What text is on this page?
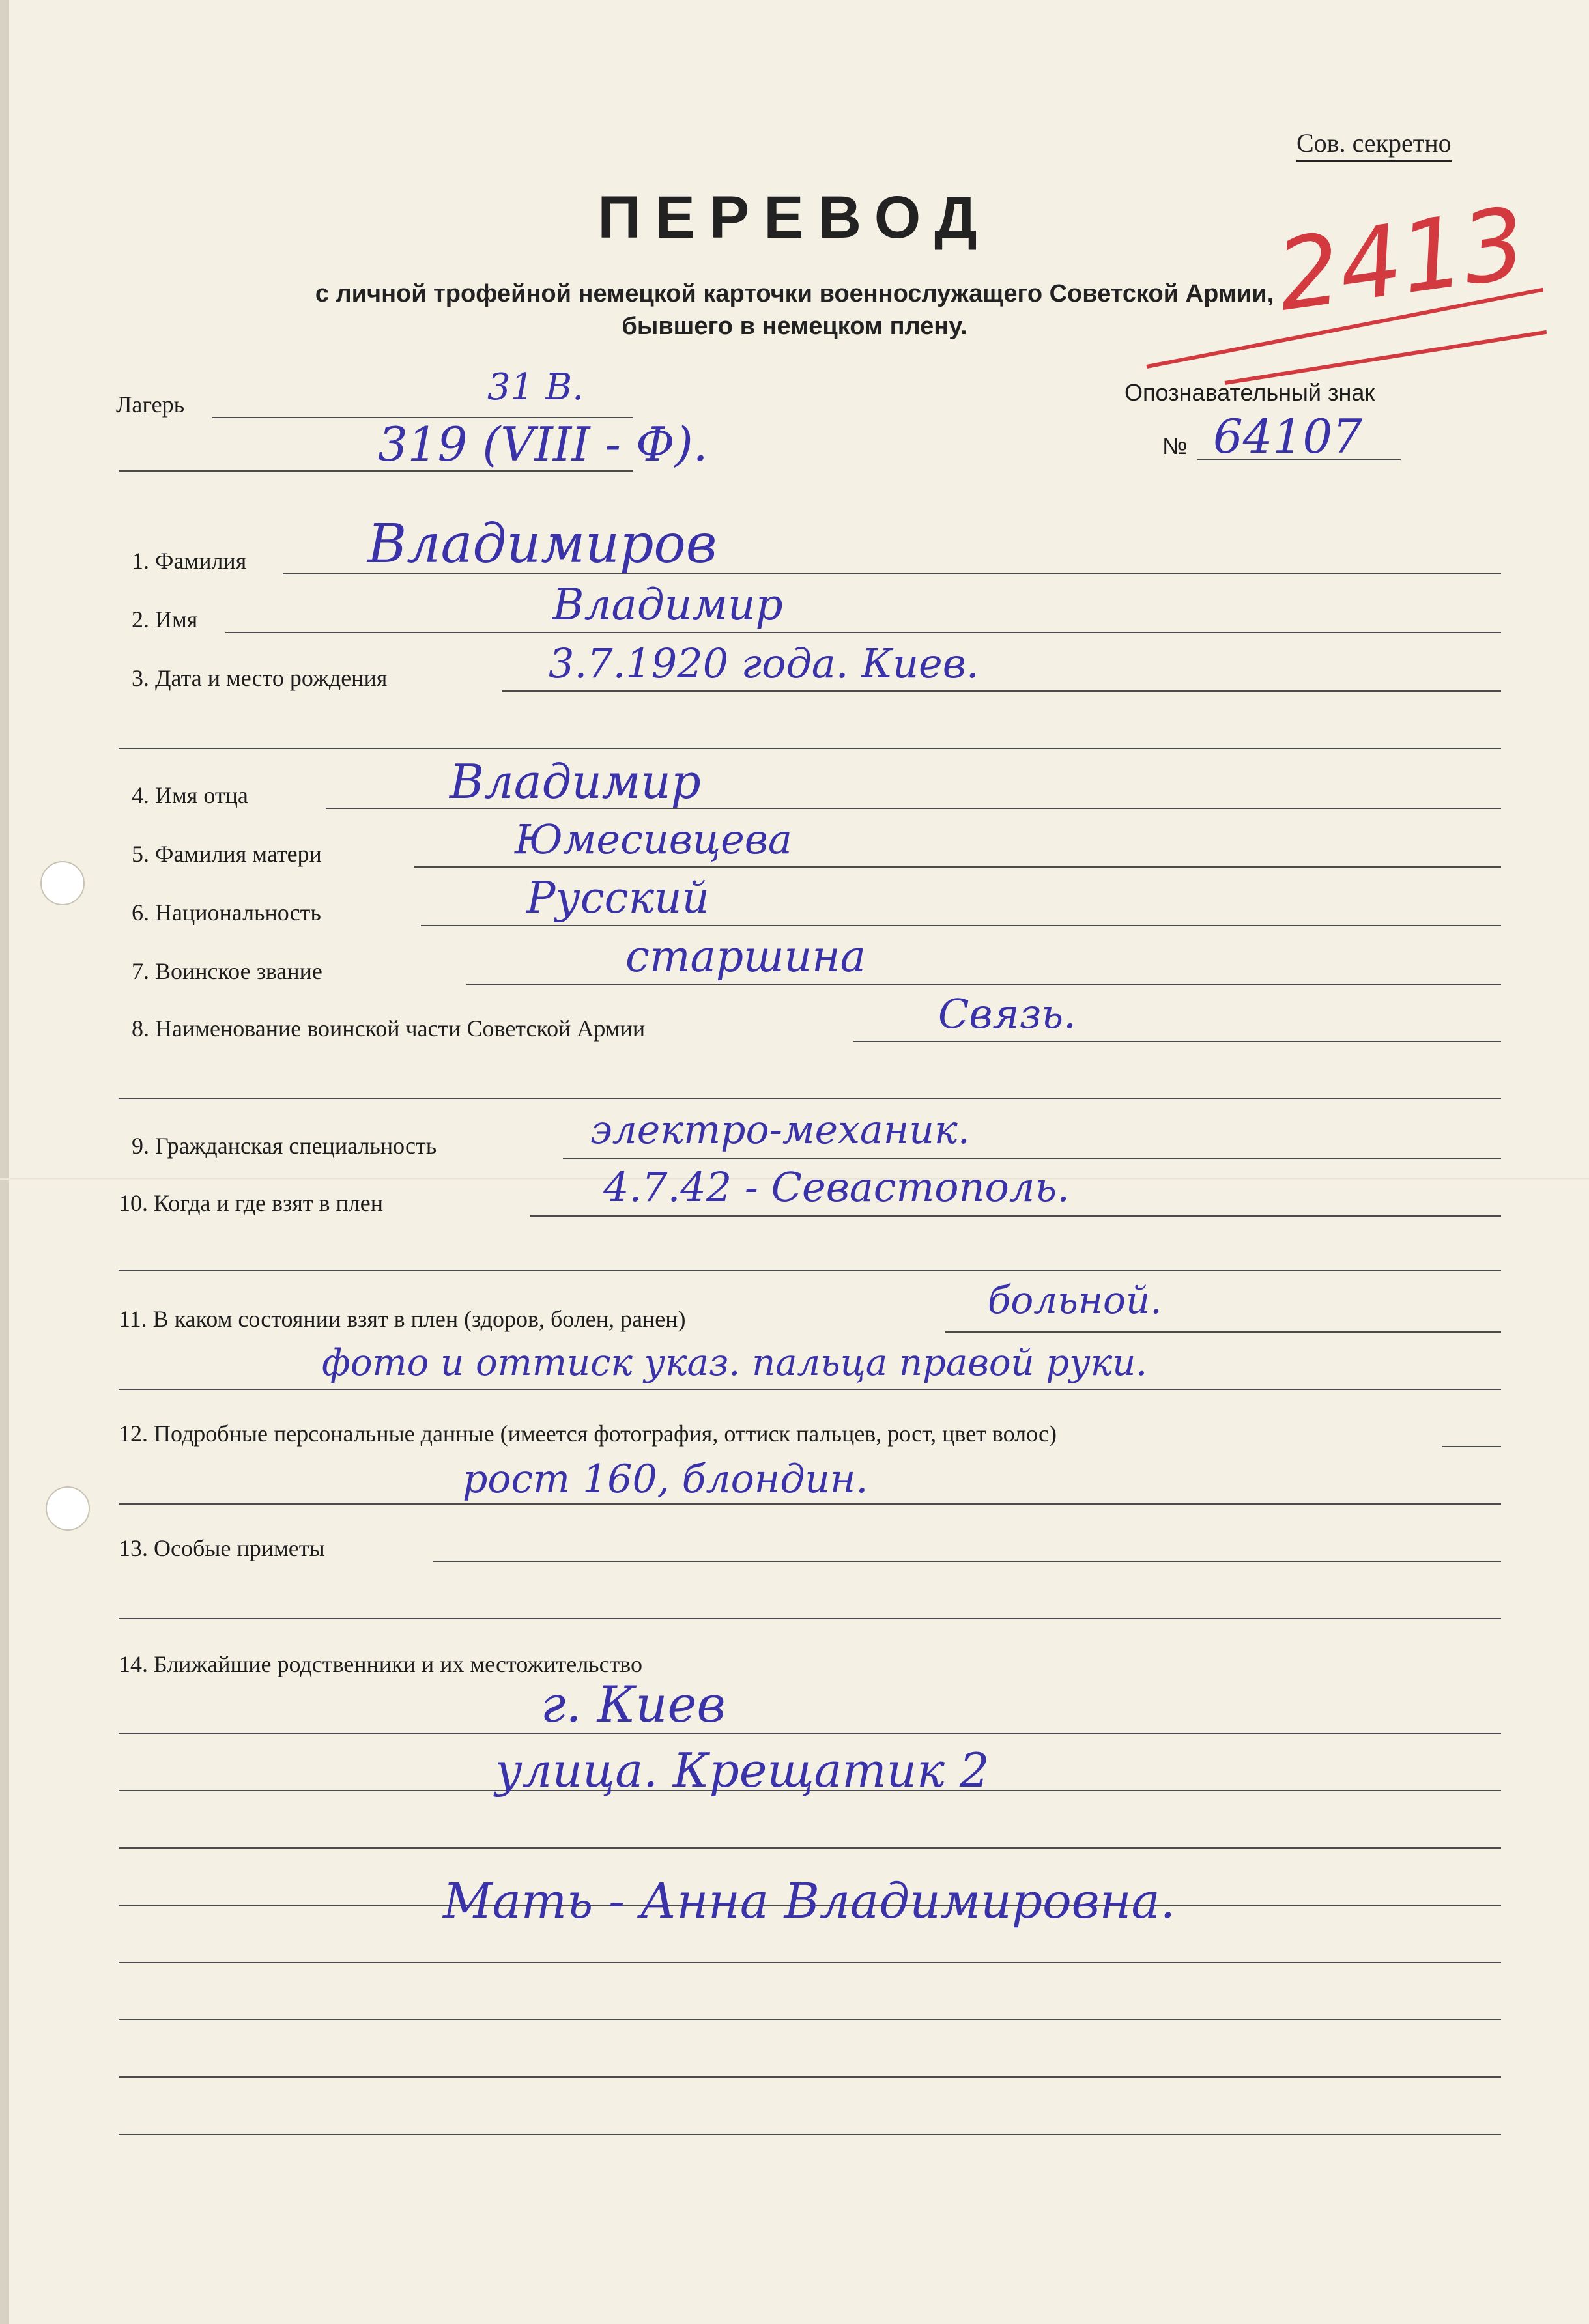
Сов. секретно
ПЕРЕВОД
с личной трофейной немецкой карточки военнослужащего Советской Армии,
бывшего в немецком плену.	2413
Лагерь	31 В.
319 (VIII - Ф).
Опознавательный знак
№ 64107
1. Фамилия Владимиров
2. Имя	Владимир
3. Дата и место рождения	3.7.1920 года. Киев.
4. Имя отца	Владимир
5. Фамилия матери	Юмесивцева
6. Национальность	Русский
7. Воинское звание	старшина
8. Наименование воинской части Советской Армии	Связь.
9. Гражданская специальность	электро-механик.
10. Когда и где взят в плен	4.7.42 - Севастополь.
11. В каком состоянии взят в плен (здоров, болен, ранен)	больной.
фото и оттиск указ. пальца правой руки.
12. Подробные персональные данные (имеется фотография, оттиск пальцев, рост, цвет волос)
рост 160, блондин.
13. Особые приметы
14. Ближайшие родственники и их местожительство
г. Киев
улица. Крещатик 2
Мать - Анна Владимировна.
